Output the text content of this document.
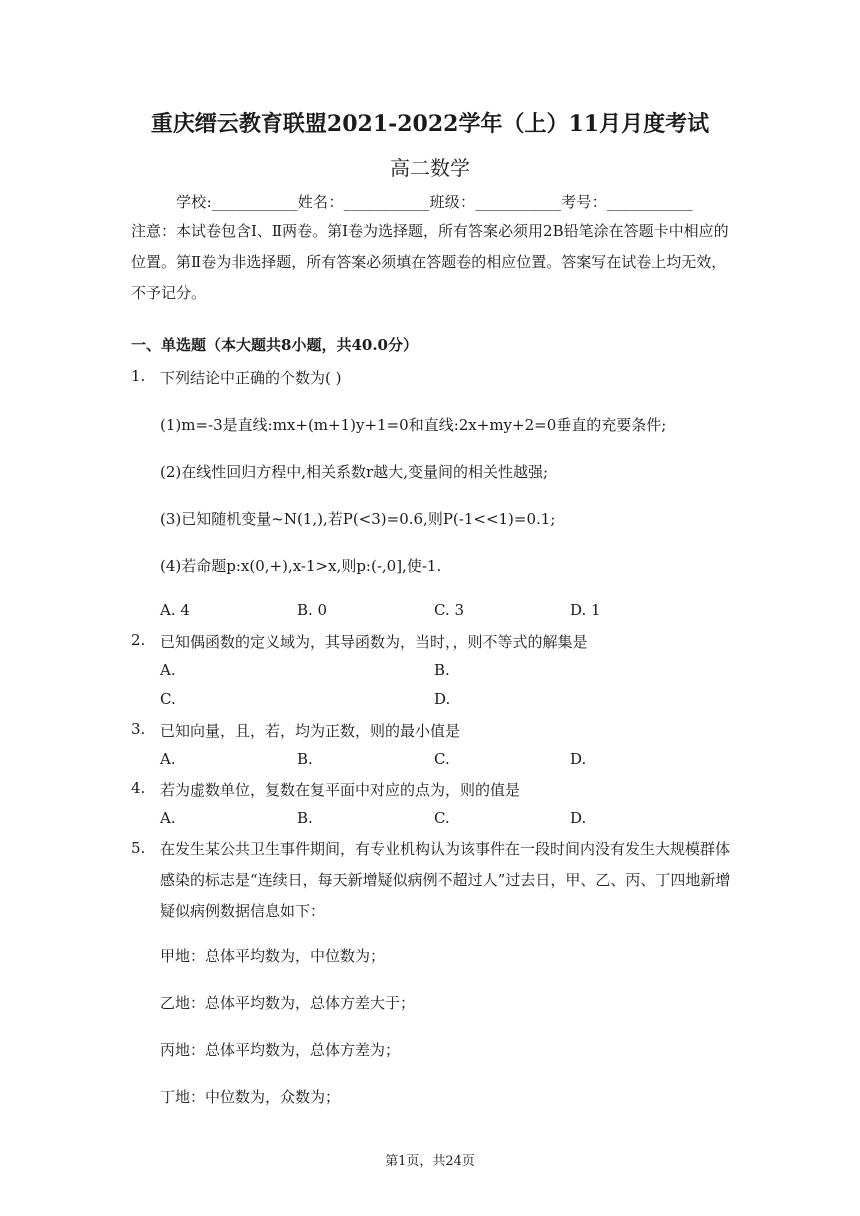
重庆缙云教育联盟2021-2022学年（上）11月月度考试
高二数学
学校:___________姓名：___________班级：___________考号：___________
注意：本试卷包含Ⅰ、Ⅱ两卷。第Ⅰ卷为选择题，所有答案必须用2B铅笔涂在答题卡中相应的位置。第Ⅱ卷为非选择题，所有答案必须填在答题卷的相应位置。答案写在试卷上均无效，不予记分。
一、单选题（本大题共8小题，共40.0分）
1. 下列结论中正确的个数为( )
(1)m=-3是直线:mx+(m+1)y+1=0和直线:2x+my+2=0垂直的充要条件;
(2)在线性回归方程中,相关系数r越大,变量间的相关性越强;
(3)已知随机变量~N(1,),若P(<3)=0.6,则P(-1<<1)=0.1;
(4)若命题p:x(0,+),x-1>x,则p:(-,0],使-1.
A. 4	B. 0	C. 3	D. 1
2. 已知偶函数的定义域为，其导函数为，当时，，则不等式的解集是
A.	B.
C.	D.
3. 已知向量，且，若，均为正数，则的最小值是
A.	B.	C.	D.
4. 若为虚数单位，复数在复平面中对应的点为，则的值是
A.	B.	C.	D.
5. 在发生某公共卫生事件期间，有专业机构认为该事件在一段时间内没有发生大规模群体感染的标志是“连续日，每天新增疑似病例不超过人”过去日，甲、乙、丙、丁四地新增疑似病例数据信息如下：
甲地：总体平均数为，中位数为；
乙地：总体平均数为，总体方差大于；
丙地：总体平均数为，总体方差为；
丁地：中位数为，众数为；
第1页，共24页
